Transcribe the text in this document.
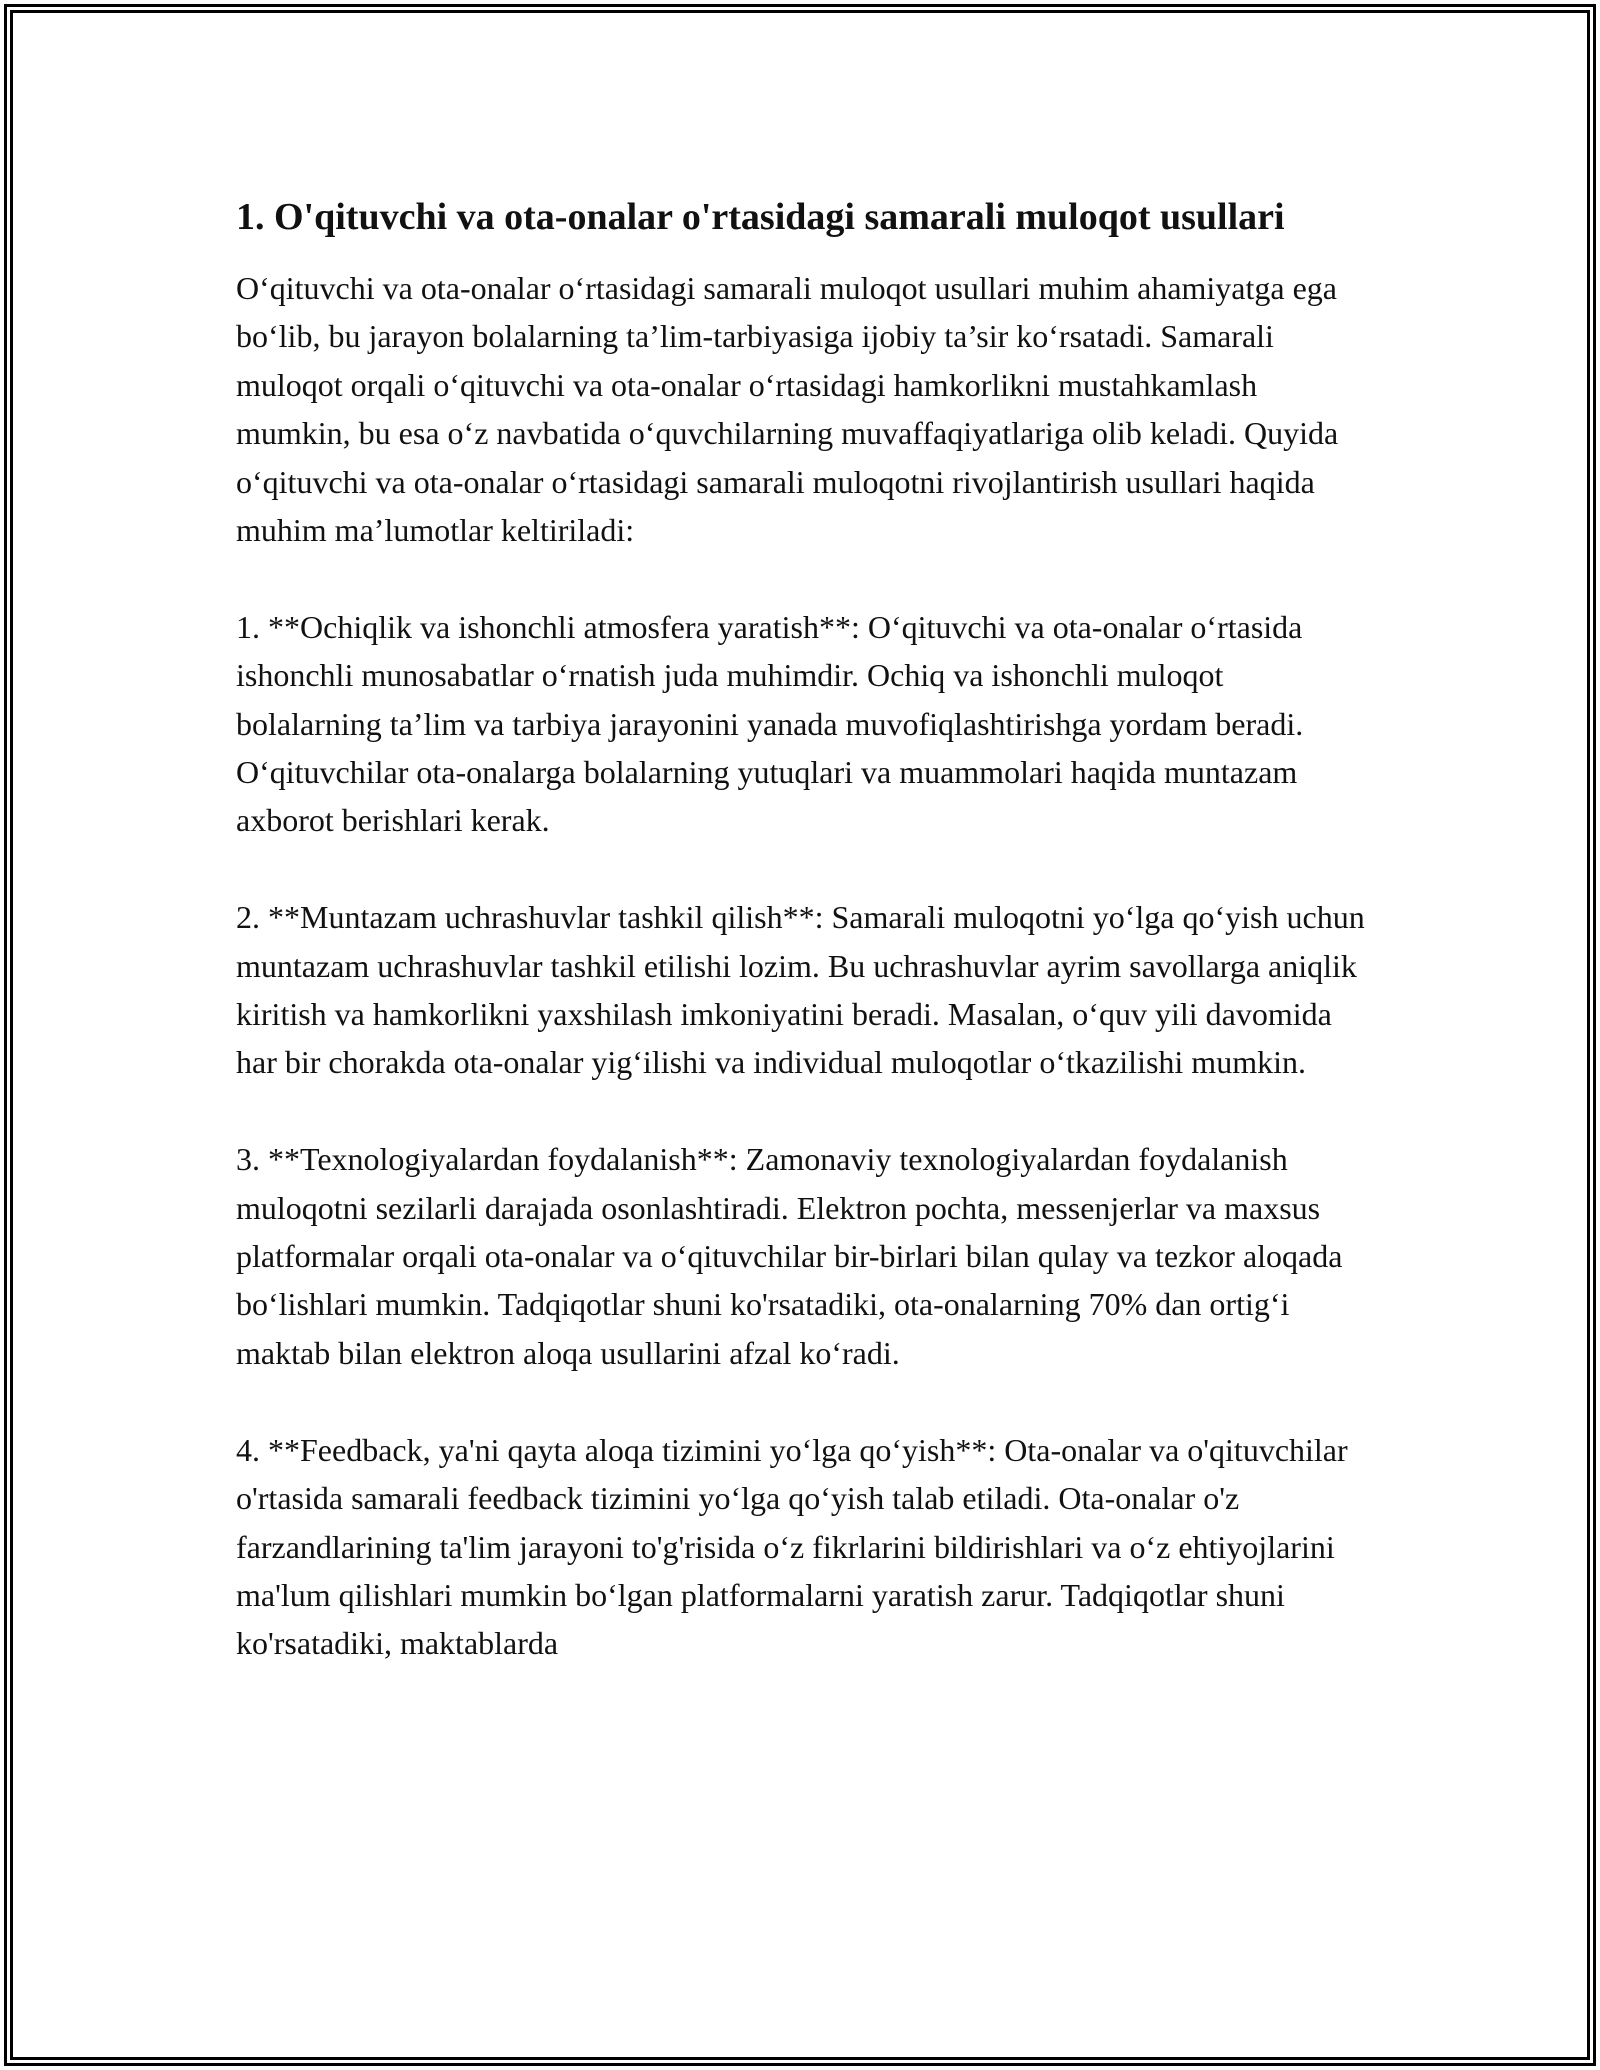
1. O'qituvchi va ota-onalar o'rtasidagi samarali muloqot usullari

O‘qituvchi va ota-onalar o‘rtasidagi samarali muloqot usullari muhim ahamiyatga ega bo‘lib, bu jarayon bolalarning ta’lim-tarbiyasiga ijobiy ta’sir ko‘rsatadi. Samarali muloqot orqali o‘qituvchi va ota-onalar o‘rtasidagi hamkorlikni mustahkamlash mumkin, bu esa o‘z navbatida o‘quvchilarning muvaffaqiyatlariga olib keladi. Quyida o‘qituvchi va ota-onalar o‘rtasidagi samarali muloqotni rivojlantirish usullari haqida muhim ma’lumotlar keltiriladi:

1. **Ochiqlik va ishonchli atmosfera yaratish**: O‘qituvchi va ota-onalar o‘rtasida ishonchli munosabatlar o‘rnatish juda muhimdir. Ochiq va ishonchli muloqot bolalarning ta’lim va tarbiya jarayonini yanada muvofiqlashtirishga yordam beradi. O‘qituvchilar ota-onalarga bolalarning yutuqlari va muammolari haqida muntazam axborot berishlari kerak.

2. **Muntazam uchrashuvlar tashkil qilish**: Samarali muloqotni yo‘lga qo‘yish uchun muntazam uchrashuvlar tashkil etilishi lozim. Bu uchrashuvlar ayrim savollarga aniqlik kiritish va hamkorlikni yaxshilash imkoniyatini beradi. Masalan, o‘quv yili davomida har bir chorakda ota-onalar yig‘ilishi va individual muloqotlar o‘tkazilishi mumkin.

3. **Texnologiyalardan foydalanish**: Zamonaviy texnologiyalardan foydalanish muloqotni sezilarli darajada osonlashtiradi. Elektron pochta, messenjerlar va maxsus platformalar orqali ota-onalar va o‘qituvchilar bir-birlari bilan qulay va tezkor aloqada bo‘lishlari mumkin. Tadqiqotlar shuni ko'rsatadiki, ota-onalarning 70% dan ortig‘i maktab bilan elektron aloqa usullarini afzal ko‘radi.

4. **Feedback, ya'ni qayta aloqa tizimini yo‘lga qo‘yish**: Ota-onalar va o'qituvchilar o'rtasida samarali feedback tizimini yo‘lga qo‘yish talab etiladi. Ota-onalar o'z farzandlarining ta'lim jarayoni to'g'risida o‘z fikrlarini bildirishlari va o‘z ehtiyojlarini ma'lum qilishlari mumkin bo‘lgan platformalarni yaratish zarur. Tadqiqotlar shuni ko'rsatadiki, maktablarda
